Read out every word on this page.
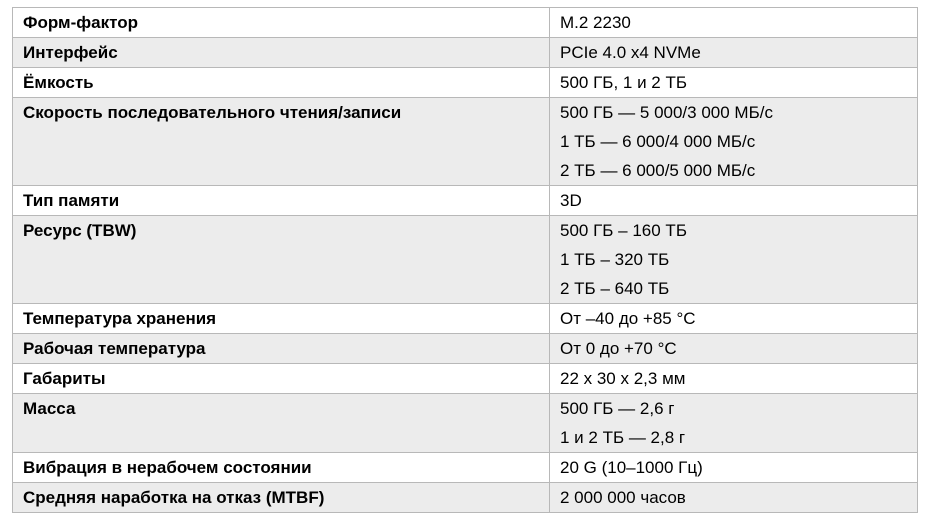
Форм-фактор	M.2 2230

Интерфейс	PCIe 4.0 x4 NVMe

Ёмкость	500 ГБ, 1 и 2 ТБ

Скорость последовательного чтения/записи	500 ГБ — 5 000/3 000 МБ/с
1 ТБ — 6 000/4 000 МБ/с
2 ТБ — 6 000/5 000 МБ/с

Тип памяти	3D

Ресурс (TBW)	500 ГБ – 160 ТБ
1 ТБ – 320 ТБ
2 ТБ – 640 ТБ

Температура хранения	От –40 до +85 °C

Рабочая температура	От 0 до +70 °C

Габариты	22 x 30 x 2,3 мм

Масса	500 ГБ — 2,6 г
1 и 2 ТБ — 2,8 г

Вибрация в нерабочем состоянии	20 G (10–1000 Гц)

Средняя наработка на отказ (MTBF)	2 000 000 часов
